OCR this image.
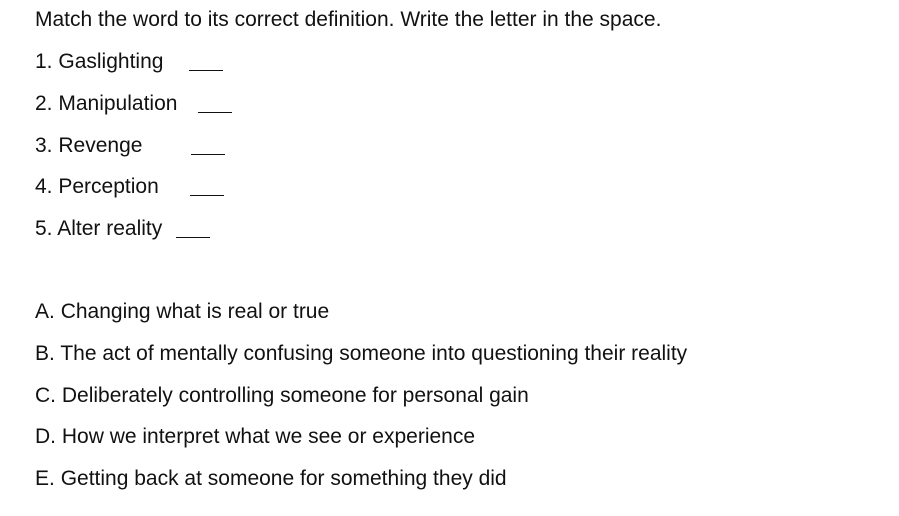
Match the word to its correct definition. Write the letter in the space.
1. Gaslighting
2. Manipulation
3. Revenge
4. Perception
5. Alter reality
A. Changing what is real or true
B. The act of mentally confusing someone into questioning their reality
C. Deliberately controlling someone for personal gain
D. How we interpret what we see or experience
E. Getting back at someone for something they did
